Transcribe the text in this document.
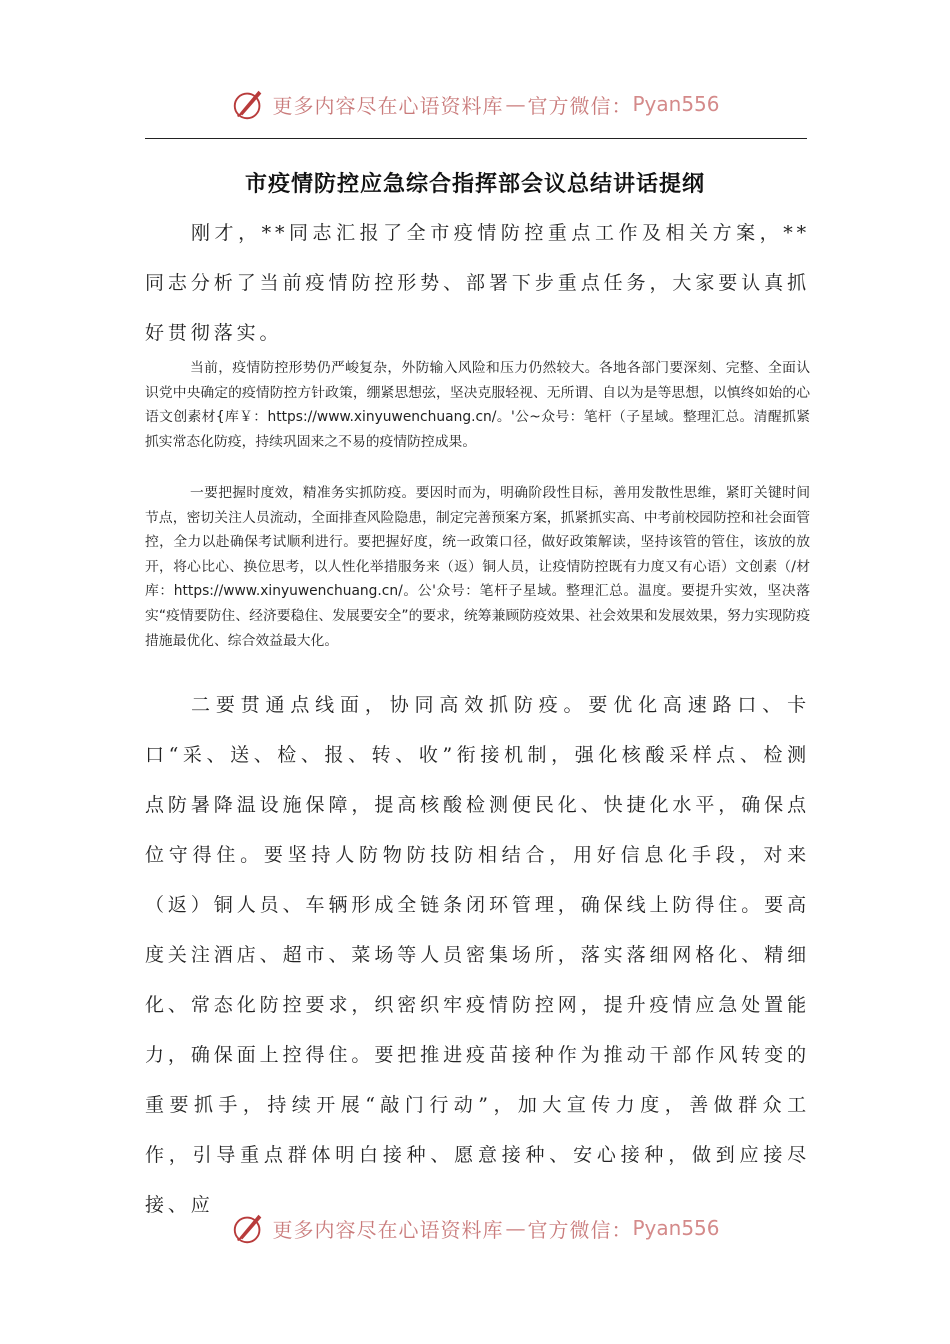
更多内容尽在心语资料库 — 官方微信： Pyan556
市疫情防控应急综合指挥部会议总结讲话提纲

刚才，**同志汇报了全市疫情防控重点工作及相关方案，**同志分析了当前疫情防控形势、部署下步重点任务，大家要认真抓好贯彻落实。

当前，疫情防控形势仍严峻复杂，外防输入风险和压力仍然较大。各地各部门要深刻、完整、全面认识党中央确定的疫情防控方针政策，绷紧思想弦，坚决克服轻视、无所谓、自以为是等思想，以慎终如始的心语文创素材{库￥：https://www.xinyuwenchuang.cn/。'公~众号：笔杆（子星域。整理汇总。清醒抓紧抓实常态化防疫，持续巩固来之不易的疫情防控成果。

一要把握时度效，精准务实抓防疫。要因时而为，明确阶段性目标，善用发散性思维，紧盯关键时间节点，密切关注人员流动，全面排查风险隐患，制定完善预案方案，抓紧抓实高、中考前校园防控和社会面管控，全力以赴确保考试顺利进行。要把握好度，统一政策口径，做好政策解读，坚持该管的管住，该放的放开，将心比心、换位思考，以人性化举措服务来（返）铜人员，让疫情防控既有力度又有心语）文创素（/材库：https://www.xinyuwenchuang.cn/。公'众号：笔杆子星域。整理汇总。温度。要提升实效，坚决落实“疫情要防住、经济要稳住、发展要安全”的要求，统筹兼顾防疫效果、社会效果和发展效果，努力实现防疫措施最优化、综合效益最大化。

二要贯通点线面，协同高效抓防疫。要优化高速路口、卡口“采、送、检、报、转、收”衔接机制，强化核酸采样点、检测点防暑降温设施保障，提高核酸检测便民化、快捷化水平，确保点位守得住。要坚持人防物防技防相结合，用好信息化手段，对来（返）铜人员、车辆形成全链条闭环管理，确保线上防得住。要高度关注酒店、超市、菜场等人员密集场所，落实落细网格化、精细化、常态化防控要求，织密织牢疫情防控网，提升疫情应急处置能力，确保面上控得住。要把推进疫苗接种作为推动干部作风转变的重要抓手，持续开展“敲门行动”，加大宣传力度，善做群众工作，引导重点群体明白接种、愿意接种、安心接种，做到应接尽接、应

更多内容尽在心语资料库 — 官方微信： Pyan556
